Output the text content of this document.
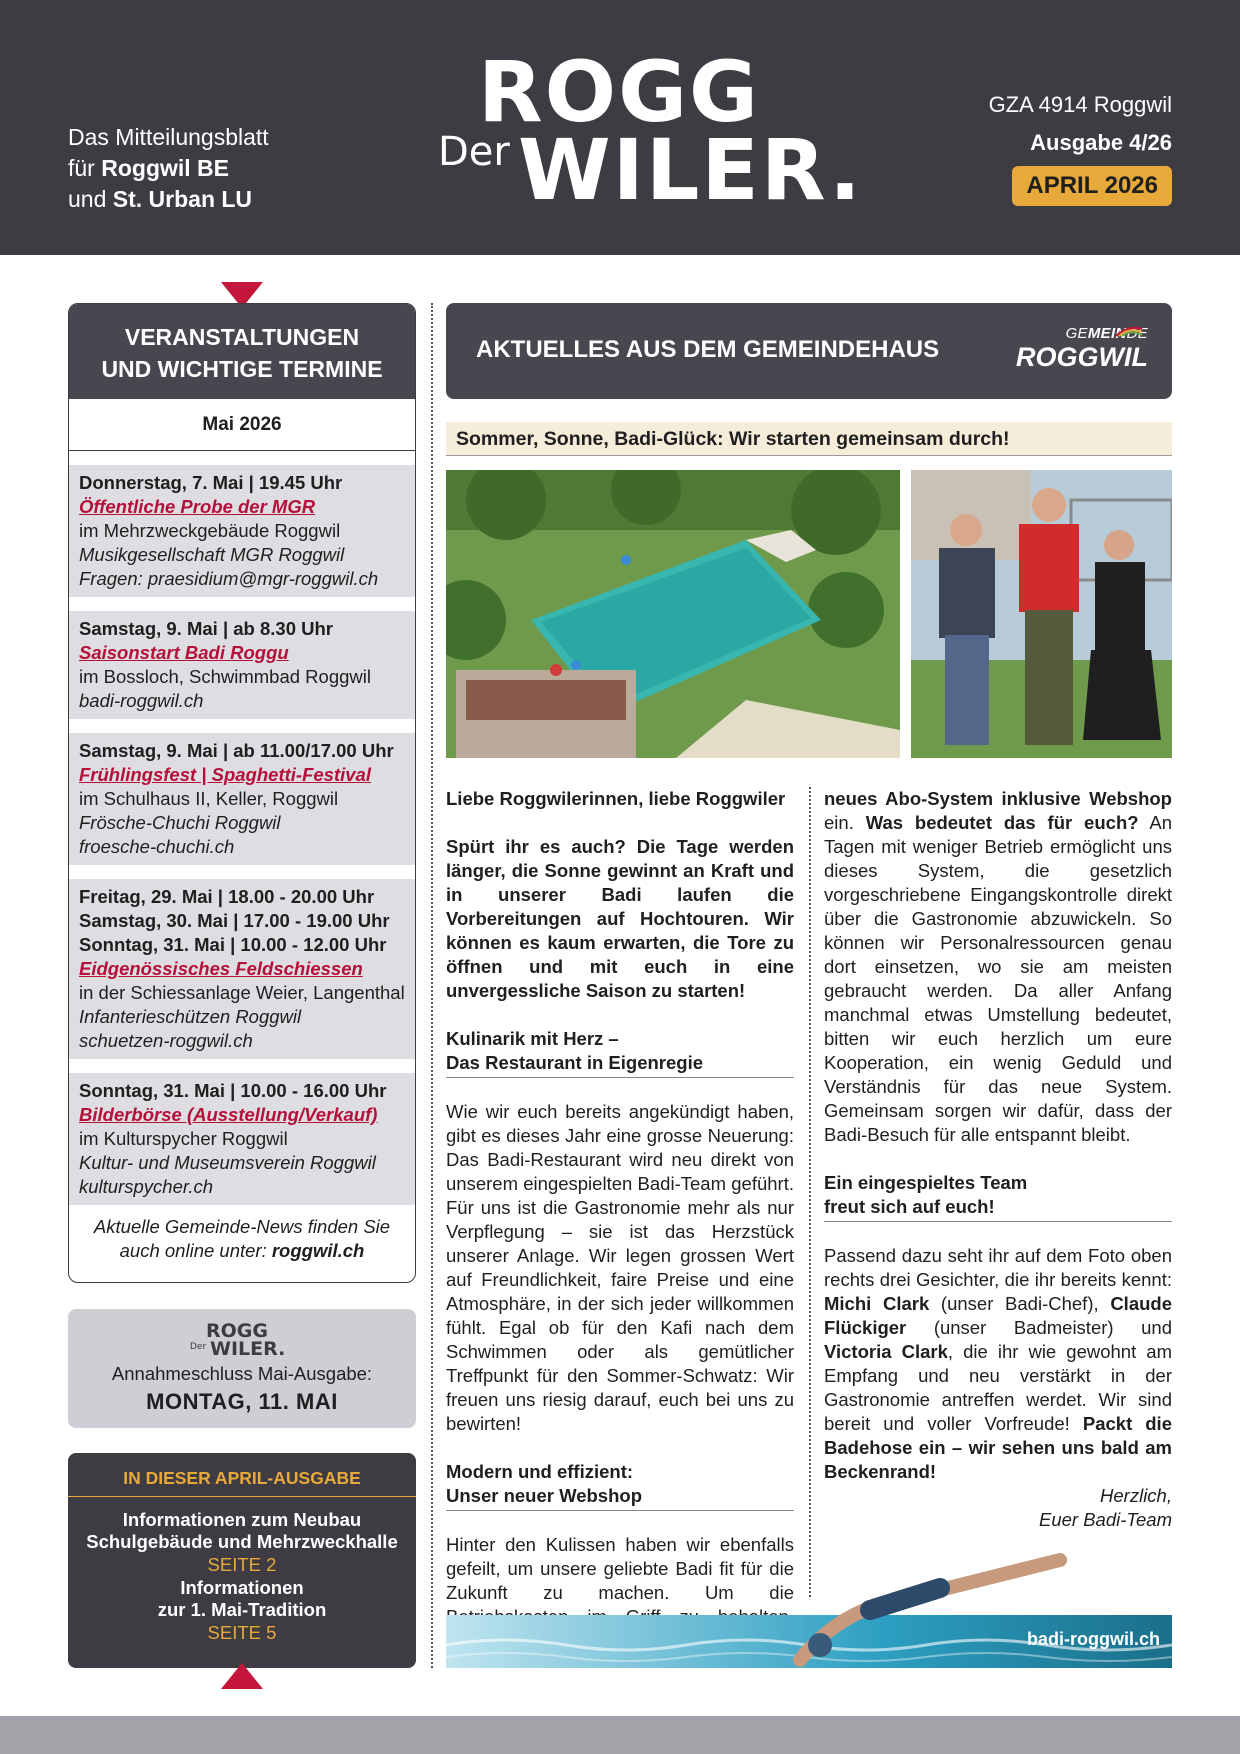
Das Mitteilungsblatt
für Roggwil BE
und St. Urban LU
ROGG
Der WILER.
GZA 4914 Roggwil
Ausgabe 4/26
APRIL 2026
VERANSTALTUNGEN
UND WICHTIGE TERMINE
Mai 2026
Donnerstag, 7. Mai | 19.45 Uhr
Öffentliche Probe der MGR
im Mehrzweckgebäude Roggwil
Musikgesellschaft MGR Roggwil
Fragen: praesidium@mgr-roggwil.ch
Samstag, 9. Mai | ab 8.30 Uhr
Saisonstart Badi Roggu
im Bossloch, Schwimmbad Roggwil
badi-roggwil.ch
Samstag, 9. Mai | ab 11.00/17.00 Uhr
Frühlingsfest | Spaghetti-Festival
im Schulhaus II, Keller, Roggwil
Frösche-Chuchi Roggwil
froesche-chuchi.ch
Freitag, 29. Mai | 18.00 - 20.00 Uhr
Samstag, 30. Mai | 17.00 - 19.00 Uhr
Sonntag, 31. Mai | 10.00 - 12.00 Uhr
Eidgenössisches Feldschiessen
in der Schiessanlage Weier, Langenthal
Infanterieschützen Roggwil
schuetzen-roggwil.ch
Sonntag, 31. Mai | 10.00 - 16.00 Uhr
Bilderbörse (Ausstellung/Verkauf)
im Kulturspycher Roggwil
Kultur- und Museumsverein Roggwil
kulturspycher.ch
Aktuelle Gemeinde-News finden Sie
auch online unter: roggwil.ch
ROGG
Der WILER.
Annahmeschluss Mai-Ausgabe:
MONTAG, 11. MAI
IN DIESER APRIL-AUSGABE
Informationen zum Neubau
Schulgebäude und Mehrzweckhalle
SEITE 2
Informationen
zur 1. Mai-Tradition
SEITE 5
AKTUELLES AUS DEM GEMEINDEHAUS
GEMEINDE
ROGGWIL
Sommer, Sonne, Badi-Glück: Wir starten gemeinsam durch!

Liebe Roggwilerinnen, liebe Roggwiler

Spürt ihr es auch? Die Tage werden länger, die Sonne gewinnt an Kraft und in unserer Badi laufen die Vorbereitungen auf Hochtouren. Wir können es kaum erwarten, die Tore zu öffnen und mit euch in eine unvergessliche Saison zu starten!

Kulinarik mit Herz –
Das Restaurant in Eigenregie

Wie wir euch bereits angekündigt haben, gibt es dieses Jahr eine grosse Neuerung: Das Badi-Restaurant wird neu direkt von unserem eingespielten Badi-Team geführt. Für uns ist die Gastronomie mehr als nur Verpflegung – sie ist das Herzstück unserer Anlage. Wir legen grossen Wert auf Freundlichkeit, faire Preise und eine Atmosphäre, in der sich jeder willkommen fühlt. Egal ob für den Kafi nach dem Schwimmen oder als gemütlicher Treffpunkt für den Sommer-Schwatz: Wir freuen uns riesig darauf, euch bei uns zu bewirten!

Modern und effizient:
Unser neuer Webshop

Hinter den Kulissen haben wir ebenfalls gefeilt, um unsere geliebte Badi fit für die Zukunft zu machen. Um die

neues Abo-System inklusive Webshop ein. Was bedeutet das für euch? An Tagen mit weniger Betrieb ermöglicht uns dieses System, die gesetzlich vorgeschriebene Eingangskontrolle direkt über die Gastronomie abzuwickeln. So können wir Personalressourcen genau dort einsetzen, wo sie am meisten gebraucht werden. Da aller Anfang manchmal etwas Umstellung bedeutet, bitten wir euch herzlich um eure Kooperation, ein wenig Geduld und Verständnis für das neue System. Gemeinsam sorgen wir dafür, dass der Badi-Besuch für alle entspannt bleibt.

Ein eingespieltes Team
freut sich auf euch!

Passend dazu seht ihr auf dem Foto oben rechts drei Gesichter, die ihr bereits kennt: Michi Clark (unser Badi-Chef), Claude Flückiger (unser Badmeister) und Victoria Clark, die ihr wie gewohnt am Empfang und neu verstärkt in der Gastronomie antreffen werdet. Wir sind bereit und voller Vorfreude! Packt die Badehose ein – wir sehen uns bald am Beckenrand!

Herzlich,
Euer Badi-Team
badi-roggwil.ch
